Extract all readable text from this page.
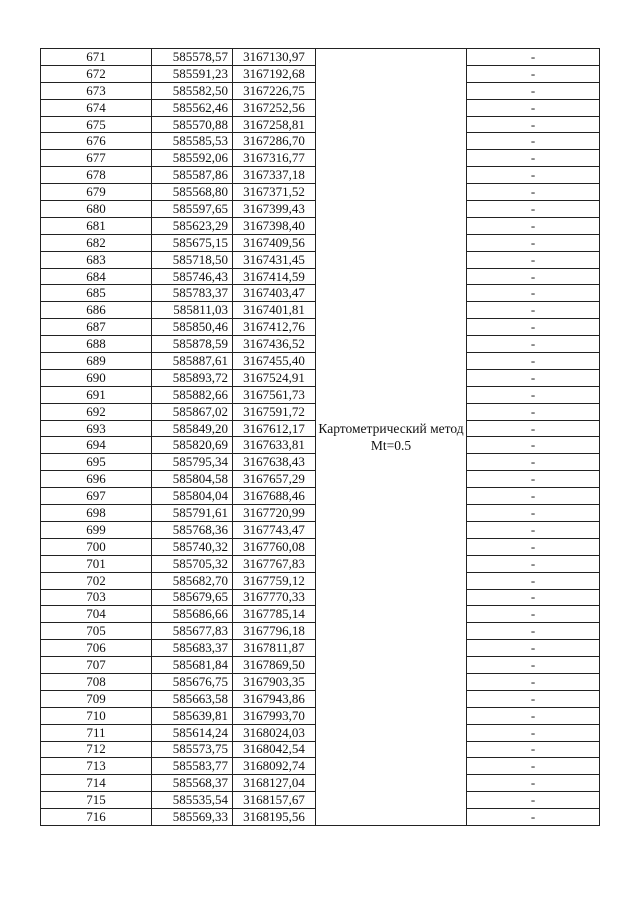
671	585578,57	3167130,97	Картометрический метод Mt=0.5	-
672	585591,23	3167192,68		-
673	585582,50	3167226,75		-
674	585562,46	3167252,56		-
675	585570,88	3167258,81		-
676	585585,53	3167286,70		-
677	585592,06	3167316,77		-
678	585587,86	3167337,18		-
679	585568,80	3167371,52		-
680	585597,65	3167399,43		-
681	585623,29	3167398,40		-
682	585675,15	3167409,56		-
683	585718,50	3167431,45		-
684	585746,43	3167414,59		-
685	585783,37	3167403,47		-
686	585811,03	3167401,81		-
687	585850,46	3167412,76		-
688	585878,59	3167436,52		-
689	585887,61	3167455,40		-
690	585893,72	3167524,91		-
691	585882,66	3167561,73		-
692	585867,02	3167591,72		-
693	585849,20	3167612,17		-
694	585820,69	3167633,81		-
695	585795,34	3167638,43		-
696	585804,58	3167657,29		-
697	585804,04	3167688,46		-
698	585791,61	3167720,99		-
699	585768,36	3167743,47		-
700	585740,32	3167760,08		-
701	585705,32	3167767,83		-
702	585682,70	3167759,12		-
703	585679,65	3167770,33		-
704	585686,66	3167785,14		-
705	585677,83	3167796,18		-
706	585683,37	3167811,87		-
707	585681,84	3167869,50		-
708	585676,75	3167903,35		-
709	585663,58	3167943,86		-
710	585639,81	3167993,70		-
711	585614,24	3168024,03		-
712	585573,75	3168042,54		-
713	585583,77	3168092,74		-
714	585568,37	3168127,04		-
715	585535,54	3168157,67		-
716	585569,33	3168195,56		-
